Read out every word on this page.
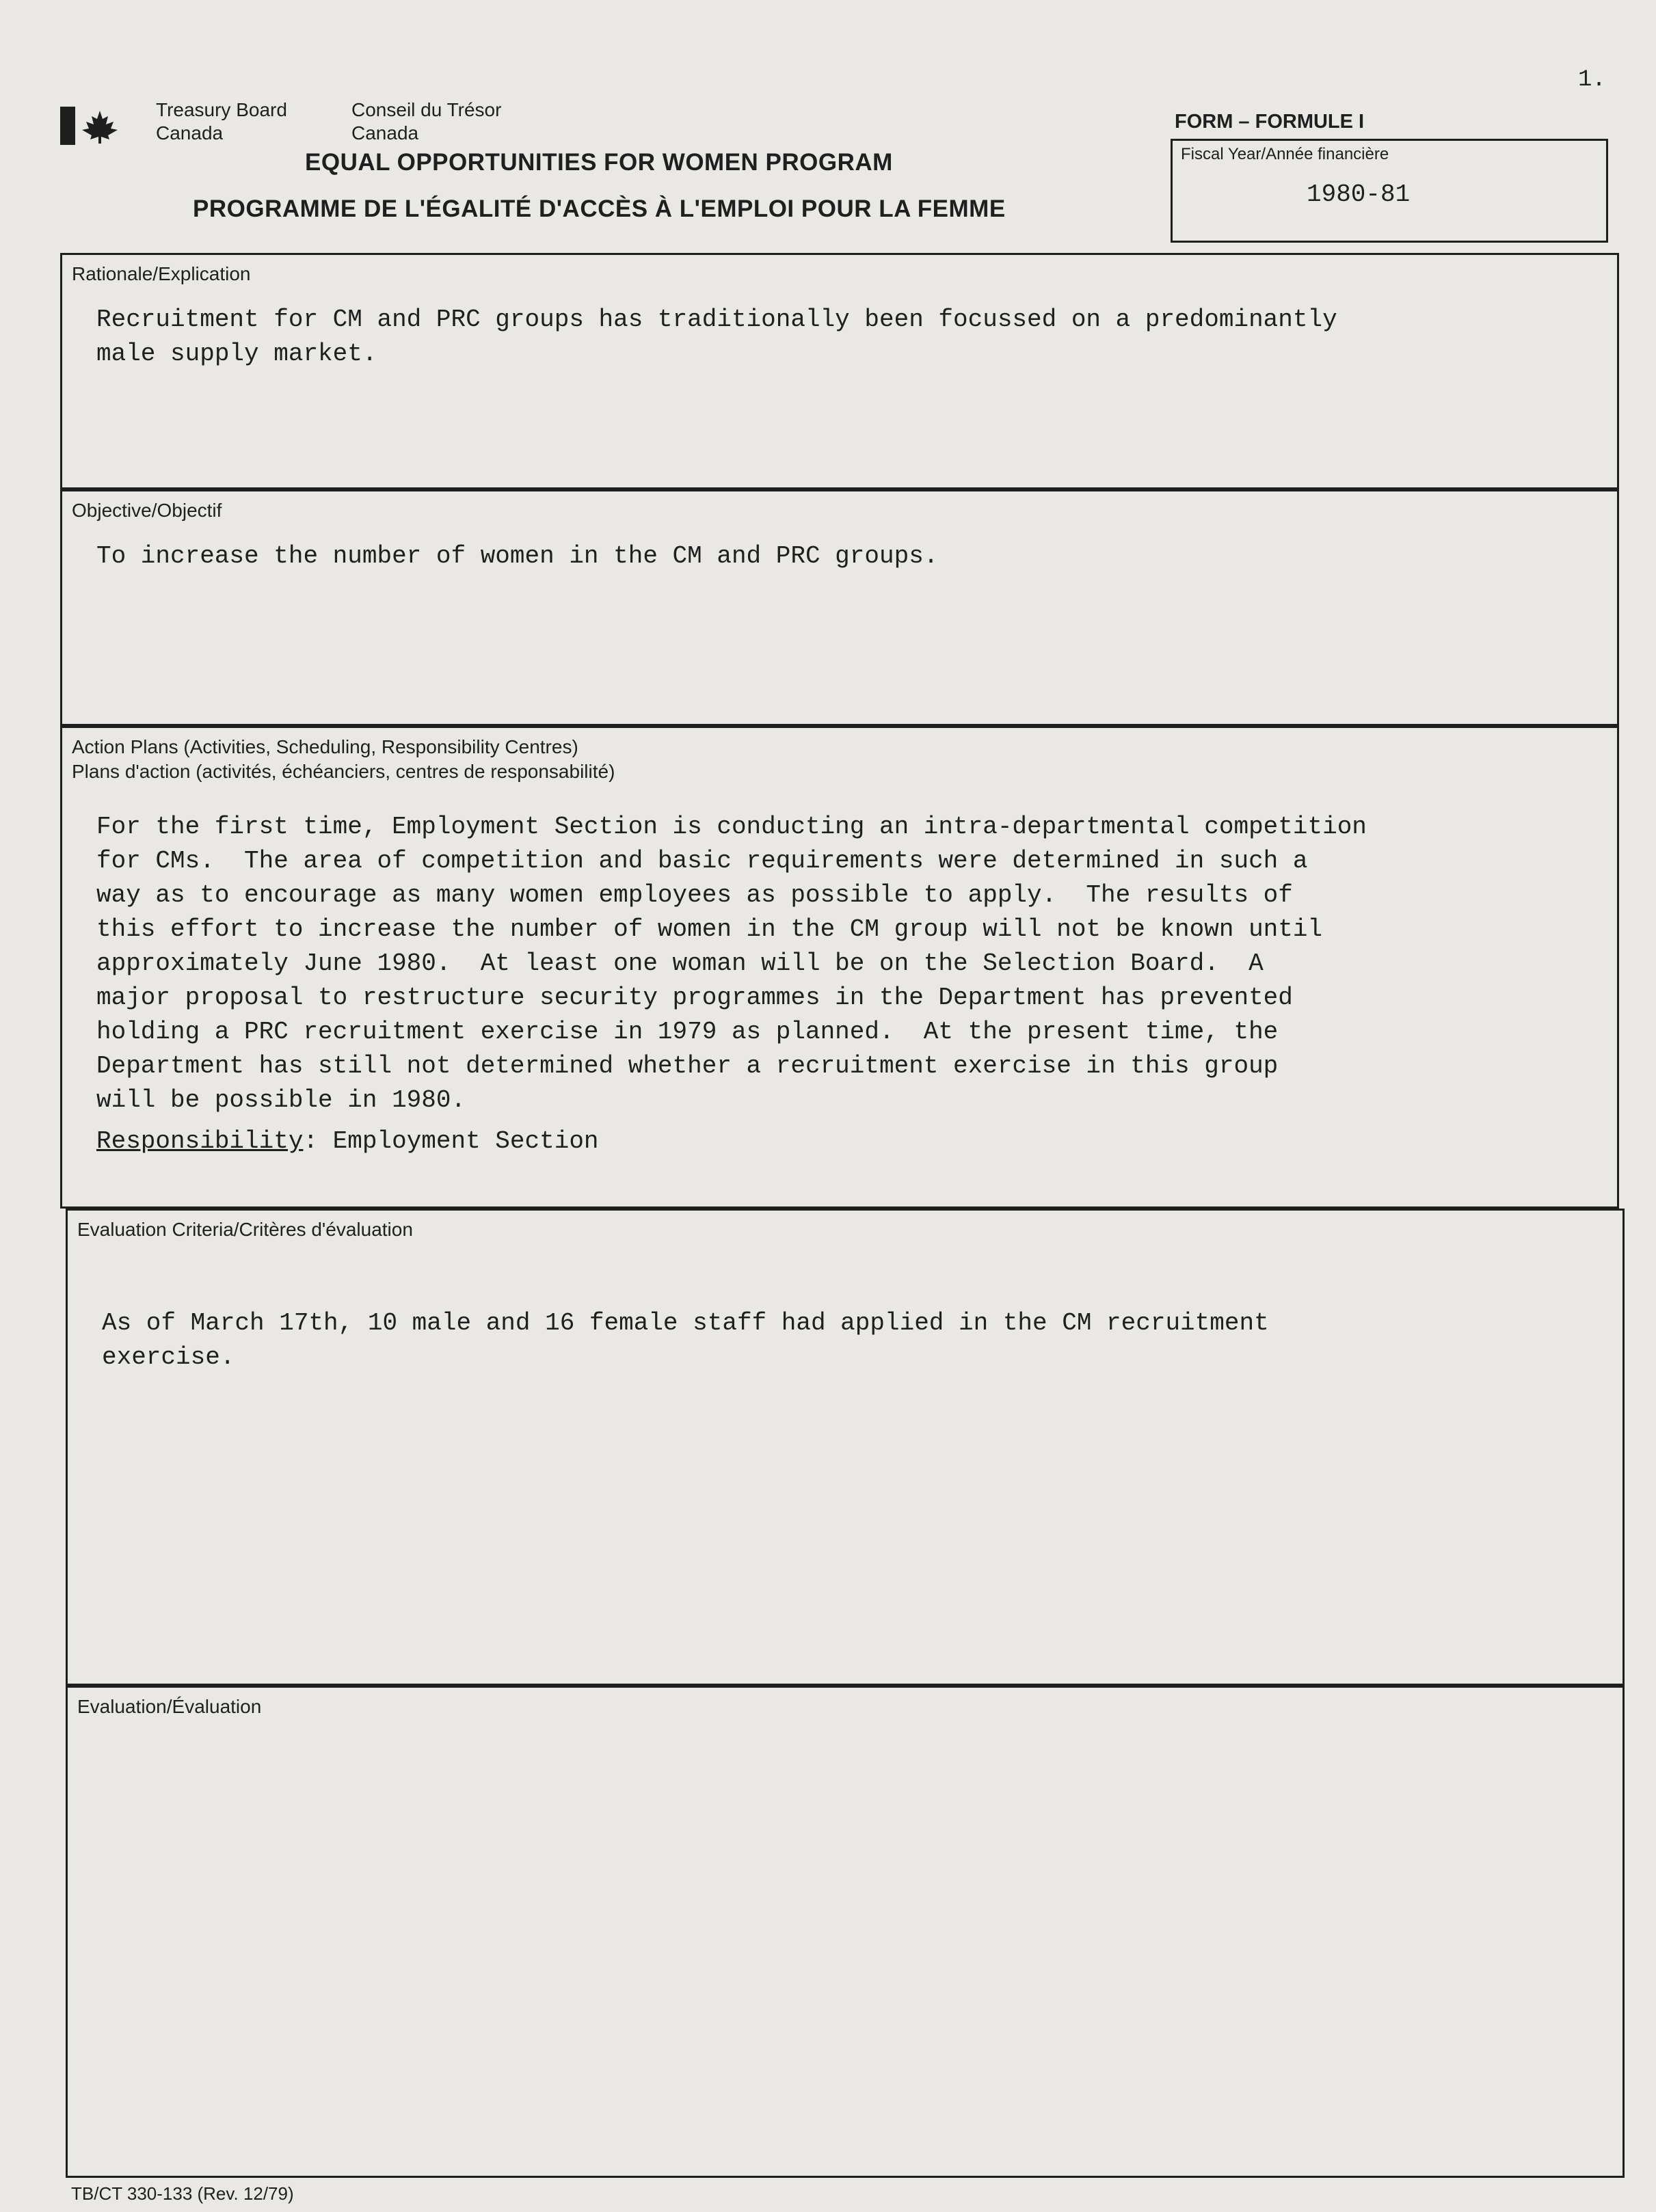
1.
Treasury Board
Canada
Conseil du Trésor
Canada
EQUAL OPPORTUNITIES FOR WOMEN PROGRAM
PROGRAMME DE L'ÉGALITÉ D'ACCÈS À L'EMPLOI POUR LA FEMME
FORM – FORMULE I
Fiscal Year/Année financière
1980-81
Rationale/Explication
Recruitment for CM and PRC groups has traditionally been focussed on a predominantly
male supply market.
Objective/Objectif
To increase the number of women in the CM and PRC groups.
Action Plans (Activities, Scheduling, Responsibility Centres)
Plans d'action (activités, échéanciers, centres de responsabilité)
For the first time, Employment Section is conducting an intra-departmental competition
for CMs.  The area of competition and basic requirements were determined in such a
way as to encourage as many women employees as possible to apply.  The results of
this effort to increase the number of women in the CM group will not be known until
approximately June 1980.  At least one woman will be on the Selection Board.  A
major proposal to restructure security programmes in the Department has prevented
holding a PRC recruitment exercise in 1979 as planned.  At the present time, the
Department has still not determined whether a recruitment exercise in this group
will be possible in 1980.
Responsibility: Employment Section
Evaluation Criteria/Critères d'évaluation
As of March 17th, 10 male and 16 female staff had applied in the CM recruitment
exercise.
Evaluation/Évaluation
TB/CT 330-133 (Rev. 12/79)
